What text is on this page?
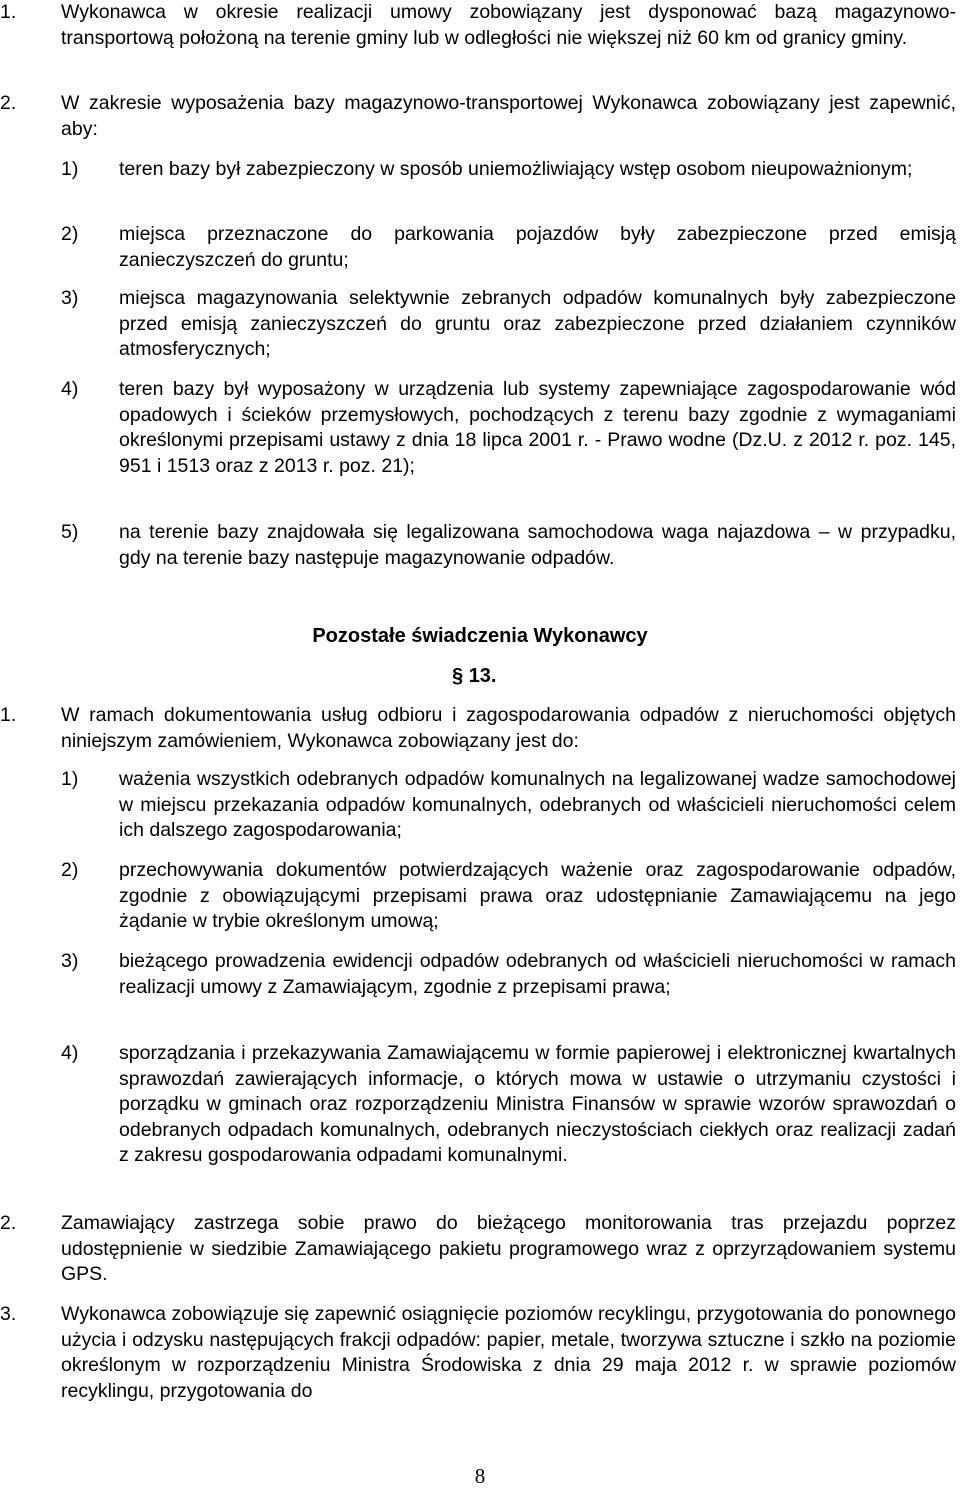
1. Wykonawca w okresie realizacji umowy zobowiązany jest dysponować bazą magazynowo-transportową położoną na terenie gminy lub w odległości nie większej niż 60 km od granicy gminy.
2. W zakresie wyposażenia bazy magazynowo-transportowej Wykonawca zobowiązany jest zapewnić, aby:
1) teren bazy był zabezpieczony w sposób uniemożliwiający wstęp osobom nieupoważnionym;
2) miejsca przeznaczone do parkowania pojazdów były zabezpieczone przed emisją zanieczyszczeń do gruntu;
3) miejsca magazynowania selektywnie zebranych odpadów komunalnych były zabezpieczone przed emisją zanieczyszczeń do gruntu oraz zabezpieczone przed działaniem czynników atmosferycznych;
4) teren bazy był wyposażony w urządzenia lub systemy zapewniające zagospodarowanie wód opadowych i ścieków przemysłowych, pochodzących z terenu bazy zgodnie z wymaganiami określonymi przepisami ustawy z dnia 18 lipca 2001 r. - Prawo wodne (Dz.U. z 2012 r. poz. 145, 951 i 1513 oraz z 2013 r. poz. 21);
5) na terenie bazy znajdowała się legalizowana samochodowa waga najazdowa – w przypadku, gdy na terenie bazy następuje magazynowanie odpadów.
Pozostałe świadczenia Wykonawcy
§ 13.
1. W ramach dokumentowania usług odbioru i zagospodarowania odpadów z nieruchomości objętych niniejszym zamówieniem, Wykonawca zobowiązany jest do:
1) ważenia wszystkich odebranych odpadów komunalnych na legalizowanej wadze samochodowej w miejscu przekazania odpadów komunalnych, odebranych od właścicieli nieruchomości celem ich dalszego zagospodarowania;
2) przechowywania dokumentów potwierdzających ważenie oraz zagospodarowanie odpadów, zgodnie z obowiązującymi przepisami prawa oraz udostępnianie Zamawiającemu na jego żądanie w trybie określonym umową;
3) bieżącego prowadzenia ewidencji odpadów odebranych od właścicieli nieruchomości w ramach realizacji umowy z Zamawiającym, zgodnie z przepisami prawa;
4) sporządzania i przekazywania Zamawiającemu w formie papierowej i elektronicznej kwartalnych sprawozdań zawierających informacje, o których mowa w ustawie o utrzymaniu czystości i porządku w gminach oraz rozporządzeniu Ministra Finansów w sprawie wzorów sprawozdań o odebranych odpadach komunalnych, odebranych nieczystościach ciekłych oraz realizacji zadań z zakresu gospodarowania odpadami komunalnymi.
2. Zamawiający zastrzega sobie prawo do bieżącego monitorowania tras przejazdu poprzez udostępnienie w siedzibie Zamawiającego pakietu programowego wraz z oprzyrządowaniem systemu GPS.
3. Wykonawca zobowiązuje się zapewnić osiągnięcie poziomów recyklingu, przygotowania do ponownego użycia i odzysku następujących frakcji odpadów: papier, metale, tworzywa sztuczne i szkło na poziomie określonym w rozporządzeniu Ministra Środowiska z dnia 29 maja 2012 r. w sprawie poziomów recyklingu, przygotowania do
8
